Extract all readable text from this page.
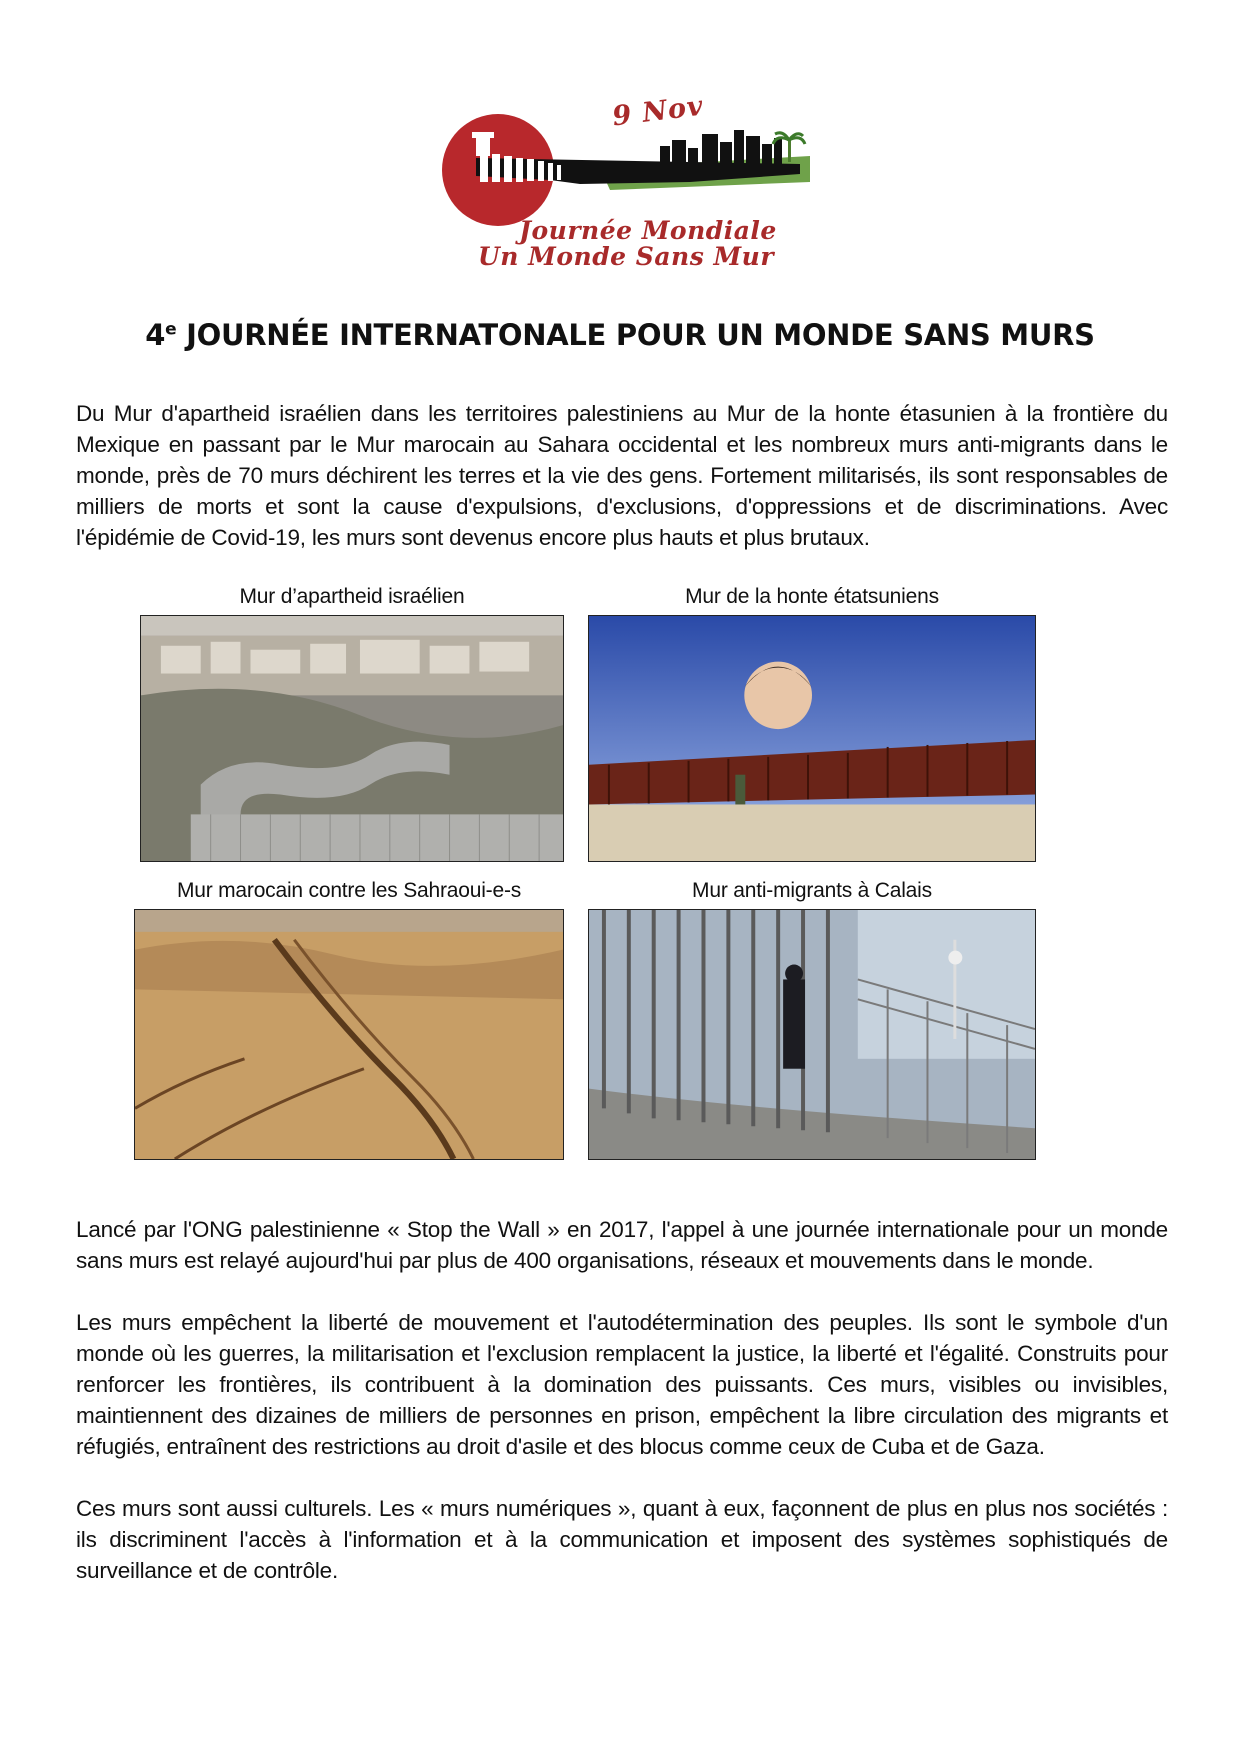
9 Nov
Journée Mondiale
Un Monde Sans Mur
4e JOURNÉE INTERNATONALE POUR UN MONDE SANS MURS

Du Mur d'apartheid israélien dans les territoires palestiniens au Mur de la honte étasunien à la frontière du Mexique en passant par le Mur marocain au Sahara occidental et les nombreux murs anti-migrants dans le monde, près de 70 murs déchirent les terres et la vie des gens. Fortement militarisés, ils sont responsables de milliers de morts et sont la cause d'expulsions, d'exclusions, d'oppressions et de discriminations. Avec l'épidémie de Covid-19, les murs sont devenus encore plus hauts et plus brutaux.

Mur d’apartheid israélien	Mur de la honte étatsuniens
Mur marocain contre les Sahraoui-e-s	Mur anti-migrants à Calais

Lancé par l'ONG palestinienne « Stop the Wall » en 2017, l'appel à une journée internationale pour un monde sans murs est relayé aujourd'hui par plus de 400 organisations, réseaux et mouvements dans le monde.

Les murs empêchent la liberté de mouvement et l'autodétermination des peuples. Ils sont le symbole d'un monde où les guerres, la militarisation et l'exclusion remplacent la justice, la liberté et l'égalité. Construits pour renforcer les frontières, ils contribuent à la domination des puissants. Ces murs, visibles ou invisibles, maintiennent des dizaines de milliers de personnes en prison, empêchent la libre circulation des migrants et réfugiés, entraînent des restrictions au droit d'asile et des blocus comme ceux de Cuba et de Gaza.

Ces murs sont aussi culturels. Les « murs numériques », quant à eux, façonnent de plus en plus nos sociétés : ils discriminent l'accès à l'information et à la communication et imposent des systèmes sophistiqués de surveillance et de contrôle.
